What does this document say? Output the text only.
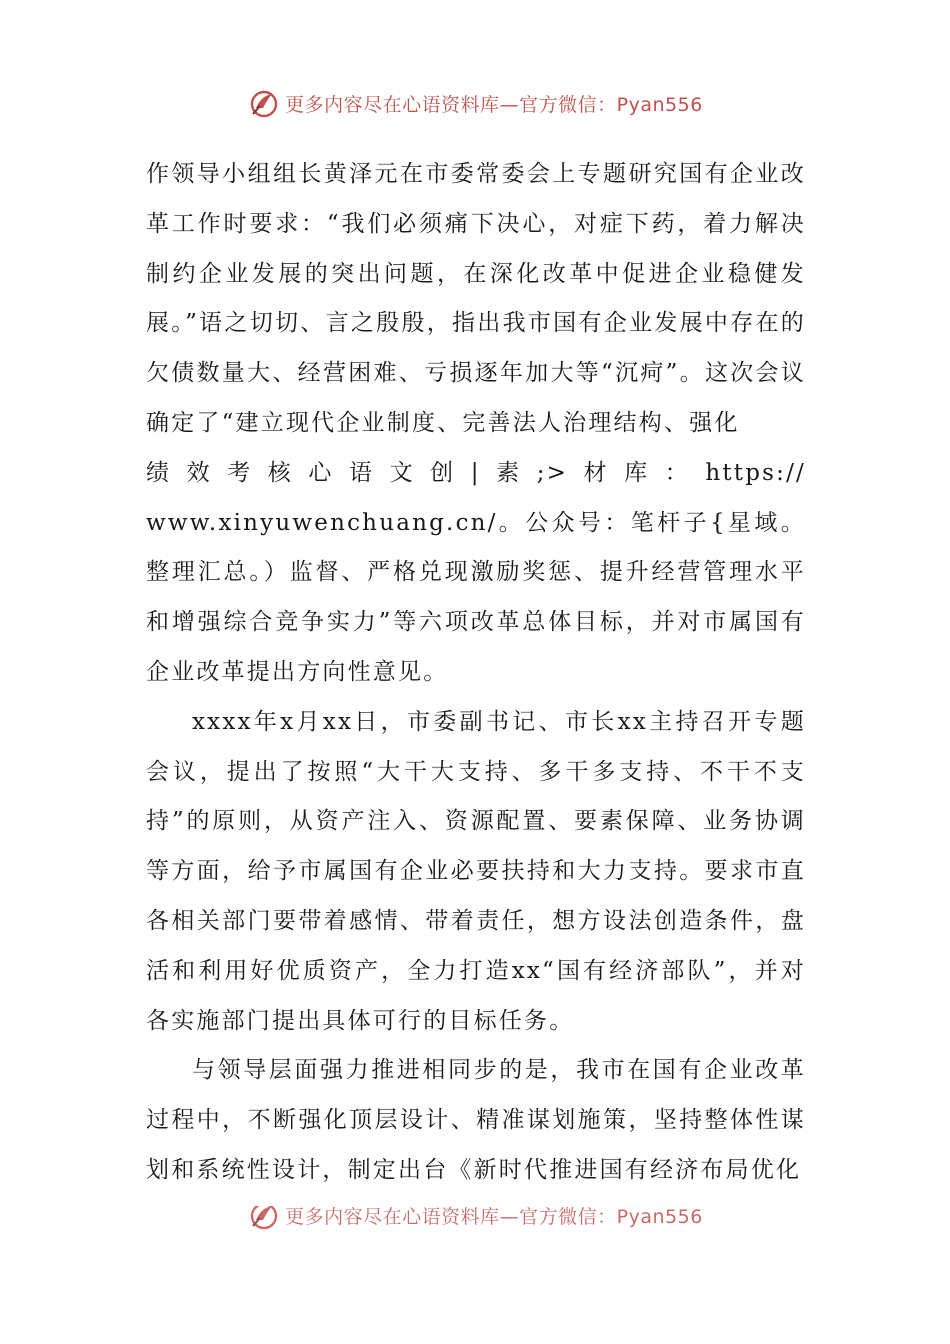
更多内容尽在心语资料库—官方微信：Pyan556

作领导小组组长黄泽元在市委常委会上专题研究国有企业改革工作时要求：“我们必须痛下决心，对症下药，着力解决制约企业发展的突出问题，在深化改革中促进企业稳健发展。”语之切切、言之殷殷，指出我市国有企业发展中存在的欠债数量大、经营困难、亏损逐年加大等“沉疴”。这次会议确定了“建立现代企业制度、完善法人治理结构、强化
绩效考核心语文创|素;>材库：https://
www.xinyuwenchuang.cn/。公众号：笔杆子{星域。整理汇总。）监督、严格兑现激励奖惩、提升经营管理水平和增强综合竞争实力”等六项改革总体目标，并对市属国有企业改革提出方向性意见。

xxxx年x月xx日，市委副书记、市长xx主持召开专题会议，提出了按照“大干大支持、多干多支持、不干不支持”的原则，从资产注入、资源配置、要素保障、业务协调等方面，给予市属国有企业必要扶持和大力支持。要求市直各相关部门要带着感情、带着责任，想方设法创造条件，盘活和利用好优质资产，全力打造xx“国有经济部队”，并对各实施部门提出具体可行的目标任务。

与领导层面强力推进相同步的是，我市在国有企业改革过程中，不断强化顶层设计、精准谋划施策，坚持整体性谋划和系统性设计，制定出台《新时代推进国有经济布局优化

更多内容尽在心语资料库—官方微信：Pyan556
